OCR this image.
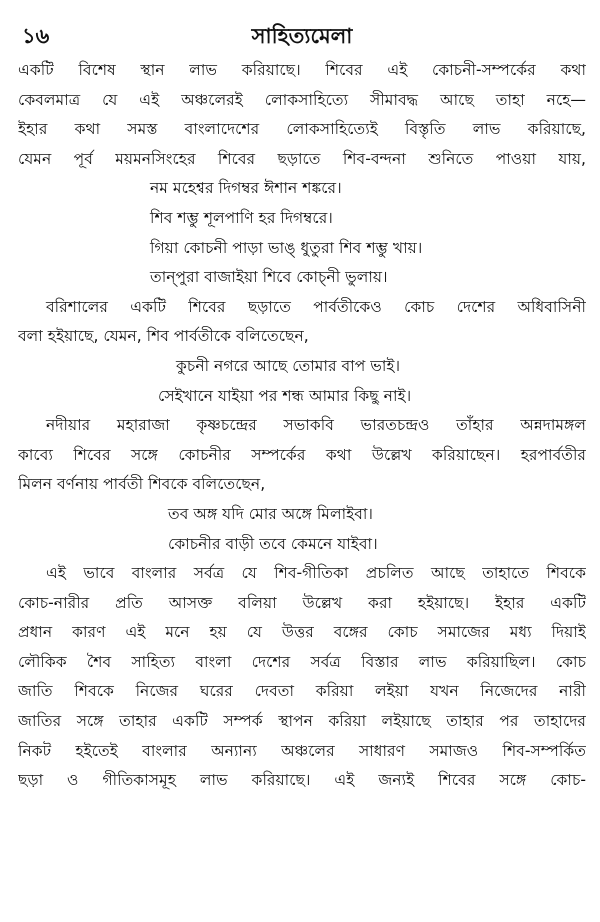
১৬	সাহিত্যমেলা
একটি বিশেষ স্থান লাভ করিয়াছে। শিবের এই কোচনী-সম্পর্কের কথা
কেবলমাত্র যে এই অঞ্চলেরই লোকসাহিত্যে সীমাবদ্ধ আছে তাহা নহে—
ইহার কথা সমস্ত বাংলাদেশের লোকসাহিত্যেই বিস্তৃতি লাভ করিয়াছে,
যেমন পূর্ব ময়মনসিংহের শিবের ছড়াতে শিব-বন্দনা শুনিতে পাওয়া যায়,
নম মহেশ্বর দিগম্বর ঈশান শঙ্করে।
শিব শম্ভু শূলপাণি হর দিগম্বরে।
গিয়া কোচনী পাড়া ভাঙ্ ধুতুরা শিব শম্ভু খায়।
তান্‌পুরা বাজাইয়া শিবে কোচ্‌নী ভুলায়।
বরিশালের একটি শিবের ছড়াতে পার্বতীকেও কোচ দেশের অধিবাসিনী
বলা হইয়াছে, যেমন, শিব পার্বতীকে বলিতেছেন,
কুচনী নগরে আছে তোমার বাপ ভাই।
সেইখানে যাইয়া পর শন্ধ আমার কিছু নাই।
নদীয়ার মহারাজা কৃষ্ণচন্দ্রের সভাকবি ভারতচন্দ্রও তাঁহার অন্নদামঙ্গল
কাব্যে শিবের সঙ্গে কোচনীর সম্পর্কের কথা উল্লেখ করিয়াছেন। হরপার্বতীর
মিলন বর্ণনায় পার্বতী শিবকে বলিতেছেন,
তব অঙ্গ যদি মোর অঙ্গে মিলাইবা।
কোচনীর বাড়ী তবে কেমনে যাইবা।
এই ভাবে বাংলার সর্বত্র যে শিব-গীতিকা প্রচলিত আছে তাহাতে শিবকে
কোচ-নারীর প্রতি আসক্ত বলিয়া উল্লেখ করা হইয়াছে। ইহার একটি
প্রধান কারণ এই মনে হয় যে উত্তর বঙ্গের কোচ সমাজের মধ্য দিয়াই
লৌকিক শৈব সাহিত্য বাংলা দেশের সর্বত্র বিস্তার লাভ করিয়াছিল। কোচ
জাতি শিবকে নিজের ঘরের দেবতা করিয়া লইয়া যখন নিজেদের নারী
জাতির সঙ্গে তাহার একটি সম্পর্ক স্থাপন করিয়া লইয়াছে তাহার পর তাহাদের
নিকট হইতেই বাংলার অন্যান্য অঞ্চলের সাধারণ সমাজও শিব-সম্পর্কিত
ছড়া ও গীতিকাসমূহ লাভ করিয়াছে। এই জন্যই শিবের সঙ্গে কোচ-
